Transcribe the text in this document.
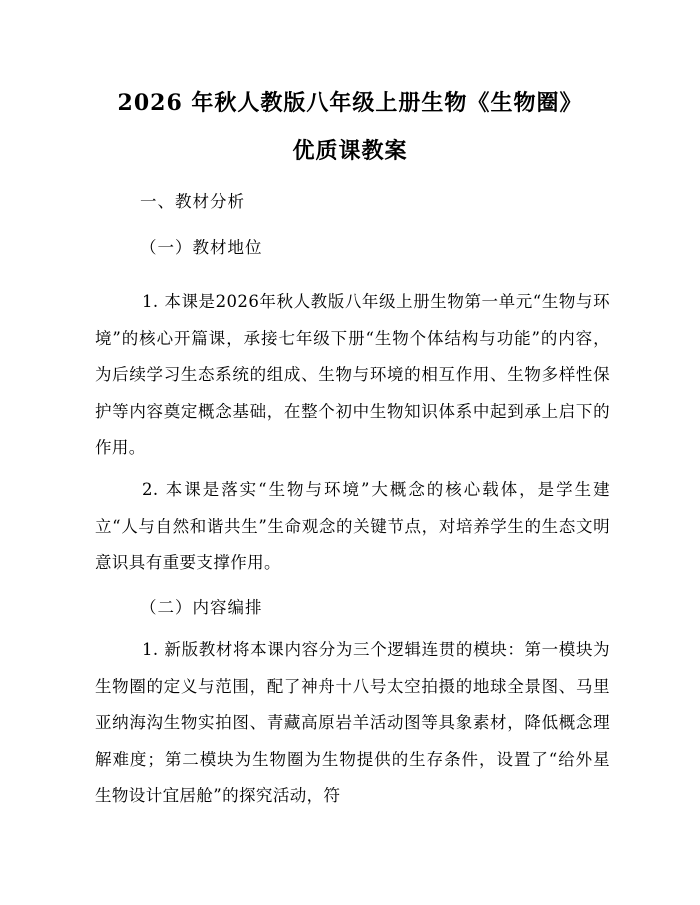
2026 年秋人教版八年级上册生物《生物圈》
优质课教案
一、教材分析
（一）教材地位

1. 本课是2026年秋人教版八年级上册生物第一单元“生物与环境”的核心开篇课，承接七年级下册“生物个体结构与功能”的内容，为后续学习生态系统的组成、生物与环境的相互作用、生物多样性保护等内容奠定概念基础，在整个初中生物知识体系中起到承上启下的作用。

2. 本课是落实“生物与环境”大概念的核心载体，是学生建立“人与自然和谐共生”生命观念的关键节点，对培养学生的生态文明意识具有重要支撑作用。

（二）内容编排

1. 新版教材将本课内容分为三个逻辑连贯的模块：第一模块为生物圈的定义与范围，配了神舟十八号太空拍摄的地球全景图、马里亚纳海沟生物实拍图、青藏高原岩羊活动图等具象素材，降低概念理解难度；第二模块为生物圈为生物提供的生存条件，设置了“给外星生物设计宜居舱”的探究活动，符
